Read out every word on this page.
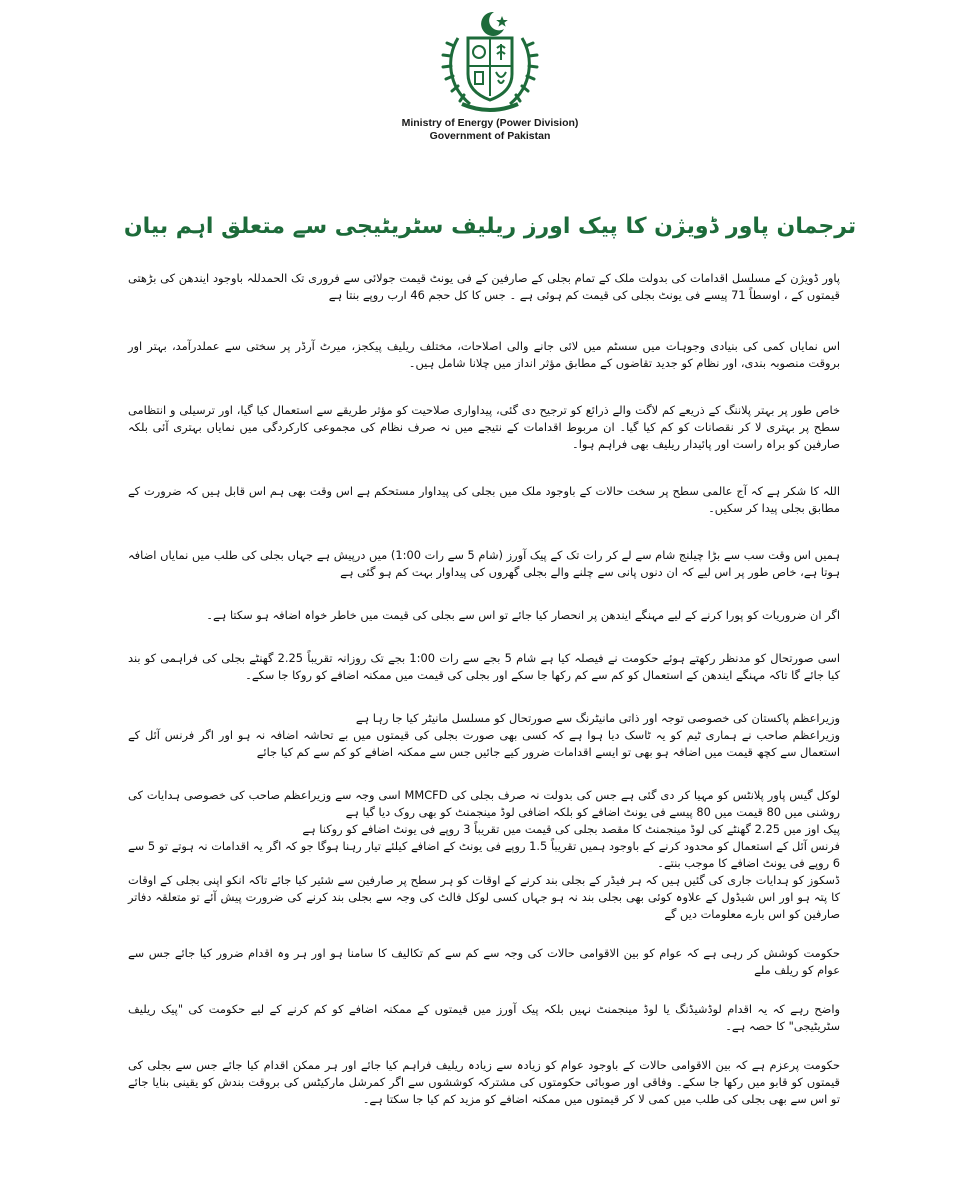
Ministry of Energy (Power Division)
Government of Pakistan
ترجمان پاور ڈویژن کا پیک اورز ریلیف سٹریٹیجی سے متعلق اہم بیان

پاور ڈویژن کے مسلسل اقدامات کی بدولت ملک کے تمام بجلی کے صارفین کے فی یونٹ قیمت جولائی سے فروری تک الحمدللہ باوجود ایندھن کی بڑھتی قیمتوں کے ، اوسطاً 71 پیسے فی یونٹ بجلی کی قیمت کم ہوئی ہے ۔ جس کا کل حجم 46 ارب روپے بنتا ہے

اس نمایاں کمی کی بنیادی وجوہات میں سسٹم میں لائی جانے والی اصلاحات، مختلف ریلیف پیکجز، میرٹ آرڈر پر سختی سے عملدرآمد، بہتر اور بروقت منصوبہ بندی، اور نظام کو جدید تقاضوں کے مطابق مؤثر انداز میں چلانا شامل ہیں۔

خاص طور پر بہتر پلاننگ کے ذریعے کم لاگت والے ذرائع کو ترجیح دی گئی، پیداواری صلاحیت کو مؤثر طریقے سے استعمال کیا گیا، اور ترسیلی و انتظامی سطح پر بہتری لا کر نقصانات کو کم کیا گیا۔ ان مربوط اقدامات کے نتیجے میں نہ صرف نظام کی مجموعی کارکردگی میں نمایاں بہتری آئی بلکہ صارفین کو براہ راست اور پائیدار ریلیف بھی فراہم ہوا۔

اللہ کا شکر ہے کہ آج عالمی سطح پر سخت حالات کے باوجود ملک میں بجلی کی پیداوار مستحکم ہے اس وقت بھی ہم اس قابل ہیں کہ ضرورت کے مطابق بجلی پیدا کر سکیں۔

ہمیں اس وقت سب سے بڑا چیلنج شام سے لے کر رات تک کے پیک آورز (شام 5 سے رات 1:00) میں درپیش ہے جہاں بجلی کی طلب میں نمایاں اضافہ ہوتا ہے، خاص طور پر اس لیے کہ ان دنوں پانی سے چلنے والے بجلی گھروں کی پیداوار بہت کم ہو گئی ہے

اگر ان ضروریات کو پورا کرنے کے لیے مہنگے ایندھن پر انحصار کیا جائے تو اس سے بجلی کی قیمت میں خاطر خواہ اضافہ ہو سکتا ہے۔

اسی صورتحال کو مدنظر رکھتے ہوئے حکومت نے فیصلہ کیا ہے شام 5 بجے سے رات 1:00 بجے تک روزانہ تقریباً 2.25 گھنٹے بجلی کی فراہمی کو بند کیا جائے گا تاکہ مہنگے ایندھن کے استعمال کو کم سے کم رکھا جا سکے اور بجلی کی قیمت میں ممکنہ اضافے کو روکا جا سکے۔

وزیراعظم پاکستان کی خصوصی توجہ اور ذاتی مانیٹرنگ سے صورتحال کو مسلسل مانیٹر کیا جا رہا ہے
وزیراعظم صاحب نے ہماری ٹیم کو یہ ٹاسک دیا ہوا ہے کہ کسی بھی صورت بجلی کی قیمتوں میں بے تحاشہ اضافہ نہ ہو اور اگر فرنس آئل کے استعمال سے کچھ قیمت میں اضافہ ہو بھی تو ایسے اقدامات ضرور کیے جائیں جس سے ممکنہ اضافے کو کم سے کم کیا جائے

لوکل گیس پاور پلانٹس کو مہیا کر دی گئی ہے جس کی بدولت نہ صرف بجلی کی MMCFD اسی وجہ سے وزیراعظم صاحب کی خصوصی ہدایات کی روشنی میں 80 قیمت میں 80 پیسے فی یونٹ اضافے کو بلکہ اضافی لوڈ مینجمنٹ کو بھی روک دیا گیا ہے
پیک اوز میں 2.25 گھنٹے کی لوڈ مینجمنٹ کا مقصد بجلی کی قیمت میں تقریباً 3 روپے فی یونٹ اضافے کو روکنا ہے
فرنس آئل کے استعمال کو محدود کرنے کے باوجود ہمیں تقریباً 1.5 روپے فی یونٹ کے اضافے کیلئے تیار رہنا ہوگا جو کہ اگر یہ اقدامات نہ ہوتے تو 5 سے 6 روپے فی یونٹ اضافے کا موجب بنتے۔
ڈسکوز کو ہدایات جاری کی گئیں ہیں کہ ہر فیڈر کے بجلی بند کرنے کے اوقات کو ہر سطح پر صارفین سے شئیر کیا جائے تاکہ انکو اپنی بجلی کے اوقات کا پتہ ہو اور اس شیڈول کے علاوہ کوئی بھی بجلی بند نہ ہو جہاں کسی لوکل فالٹ کی وجہ سے بجلی بند کرنے کی ضرورت پیش آئے تو متعلقہ دفاتر صارفین کو اس بارے معلومات دیں گے

حکومت کوشش کر رہی ہے کہ عوام کو بین الاقوامی حالات کی وجہ سے کم سے کم تکالیف کا سامنا ہو اور ہر وہ اقدام ضرور کیا جائے جس سے عوام کو ریلف ملے

واضح رہے کہ یہ اقدام لوڈشیڈنگ یا لوڈ مینجمنٹ نہیں بلکہ پیک آورز میں قیمتوں کے ممکنہ اضافے کو کم کرنے کے لیے حکومت کی "پیک ریلیف سٹریٹیجی" کا حصہ ہے۔

حکومت پرعزم ہے کہ بین الاقوامی حالات کے باوجود عوام کو زیادہ سے زیادہ ریلیف فراہم کیا جائے اور ہر ممکن اقدام کیا جائے جس سے بجلی کی قیمتوں کو قابو میں رکھا جا سکے۔ وفاقی اور صوبائی حکومتوں کی مشترکہ کوششوں سے اگر کمرشل مارکیٹس کی بروقت بندش کو یقینی بنایا جائے تو اس سے بھی بجلی کی طلب میں کمی لا کر قیمتوں میں ممکنہ اضافے کو مزید کم کیا جا سکتا ہے۔
